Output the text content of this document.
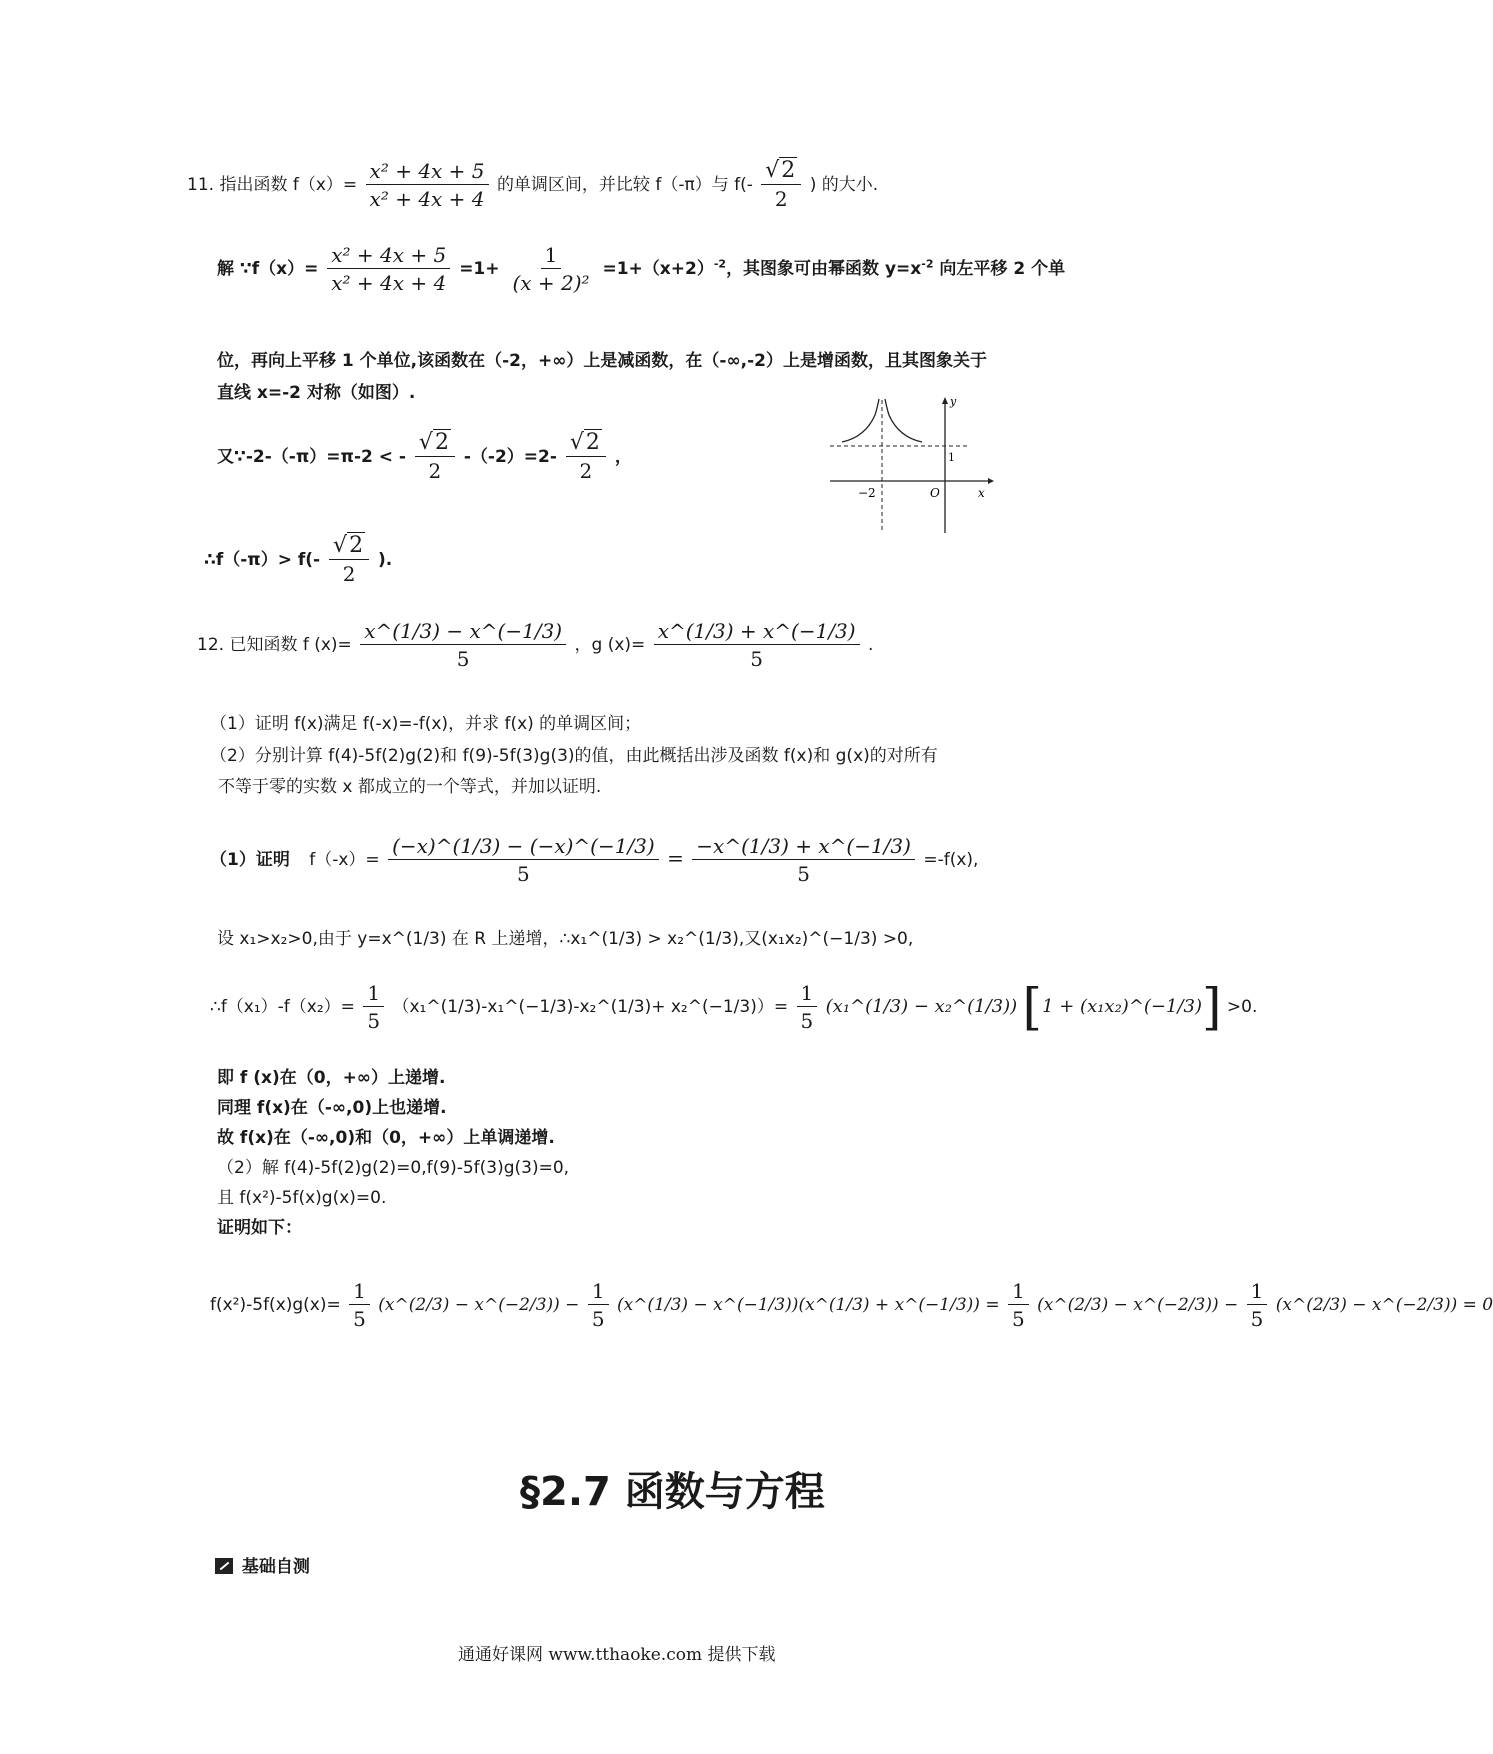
11. 指出函数 $f(x)= \frac{\text{x² + 4x + 5}}{\text{x² + 4x + 4}}$ 的单调区间，并比较 f（-π）与 $f(- \frac{√2}{2}$ ) 的大小.
解 ∵f（x）= $\frac{\text{x² + 4x + 5}}{\text{x² + 4x + 4}} =1+ \frac{1}{\text{(x + 2)²}} =1+(x+2)^{-2}$，其图象可由幂函数 $y=x^{-2}$ 向左平移 2 个单
位，再向上平移 1 个单位,该函数在（-2，+∞）上是减函数，在（-∞,-2）上是增函数，且其图象关于
直线 x=-2 对称（如图）.
又∵-2-（-π）=π-2 < - $\frac{√2}{2} -(-2)=2- \frac{√2}{2}$ ，
∴f（-π）> $f(- \frac{√2}{2}$ ).
y
x
O
−2
1
12. 已知函数 f $(x)= \frac{x\^{}(1/3) - x\^{}(-1/3)}{5}$ ，g $(x)= \frac{x\^{}(1/3) + x\^{}(-1/3)}{5}$ .
（1）证明 f(x)满足 f(-x)=-f(x)，并求 f(x) 的单调区间；
（2）分别计算 f(4)-5f(2)g(2)和 f(9)-5f(3)g(3)的值，由此概括出涉及函数 f(x)和 g(x)的对所有
不等于零的实数 x 都成立的一个等式，并加以证明.
（1）证明 $f(-x)= \frac{(-x)\^{}(1/3) - (-x)\^{}(-1/3)}{5} = \frac{-x\^{}(1/3) + x\^{}(-1/3)}{5} =-f(x)$,
设 x₁>x₂>0,由于 y=x^(1/3) 在 R 上递增，∴x₁^(1/3) > x₂^(1/3),又(x₁x₂)^(−1/3) >0,
∴f（x₁）-f（x₂）= $\frac{1}{5}$ （x₁^(1/3)-x₁^(−1/3)-x₂^(1/3)+ x₂^(−1/3)）= $\frac{1}{5}$ (x₁^(1/3) − x₂^(1/3)) [1 + (x₁x₂)^(−1/3)] >0.
即 f (x)在（0，+∞）上递增.
同理 f(x)在（-∞,0)上也递增.
故 f(x)在（-∞,0)和（0，+∞）上单调递增.
（2）解 f(4)-5f(2)g(2)=0,f(9)-5f(3)g(3)=0,
且 f(x²)-5f(x)g(x)=0.
证明如下：
$f(x^2)-5f(x)g(x)= \frac{1}{5}$ (x^(2/3) − x^(−2/3)) − $\frac{1}{5}$ (x^(1/3) − x^(−1/3))(x^(1/3) + x^(−1/3)) = $\frac{1}{5}$ (x^(2/3) − x^(−2/3)) − $\frac{1}{5}$ (x^(2/3) − x^(−2/3)) = 0
§2.7 函数与方程
基础自测
通通好课网 www.tthaoke.com 提供下载
